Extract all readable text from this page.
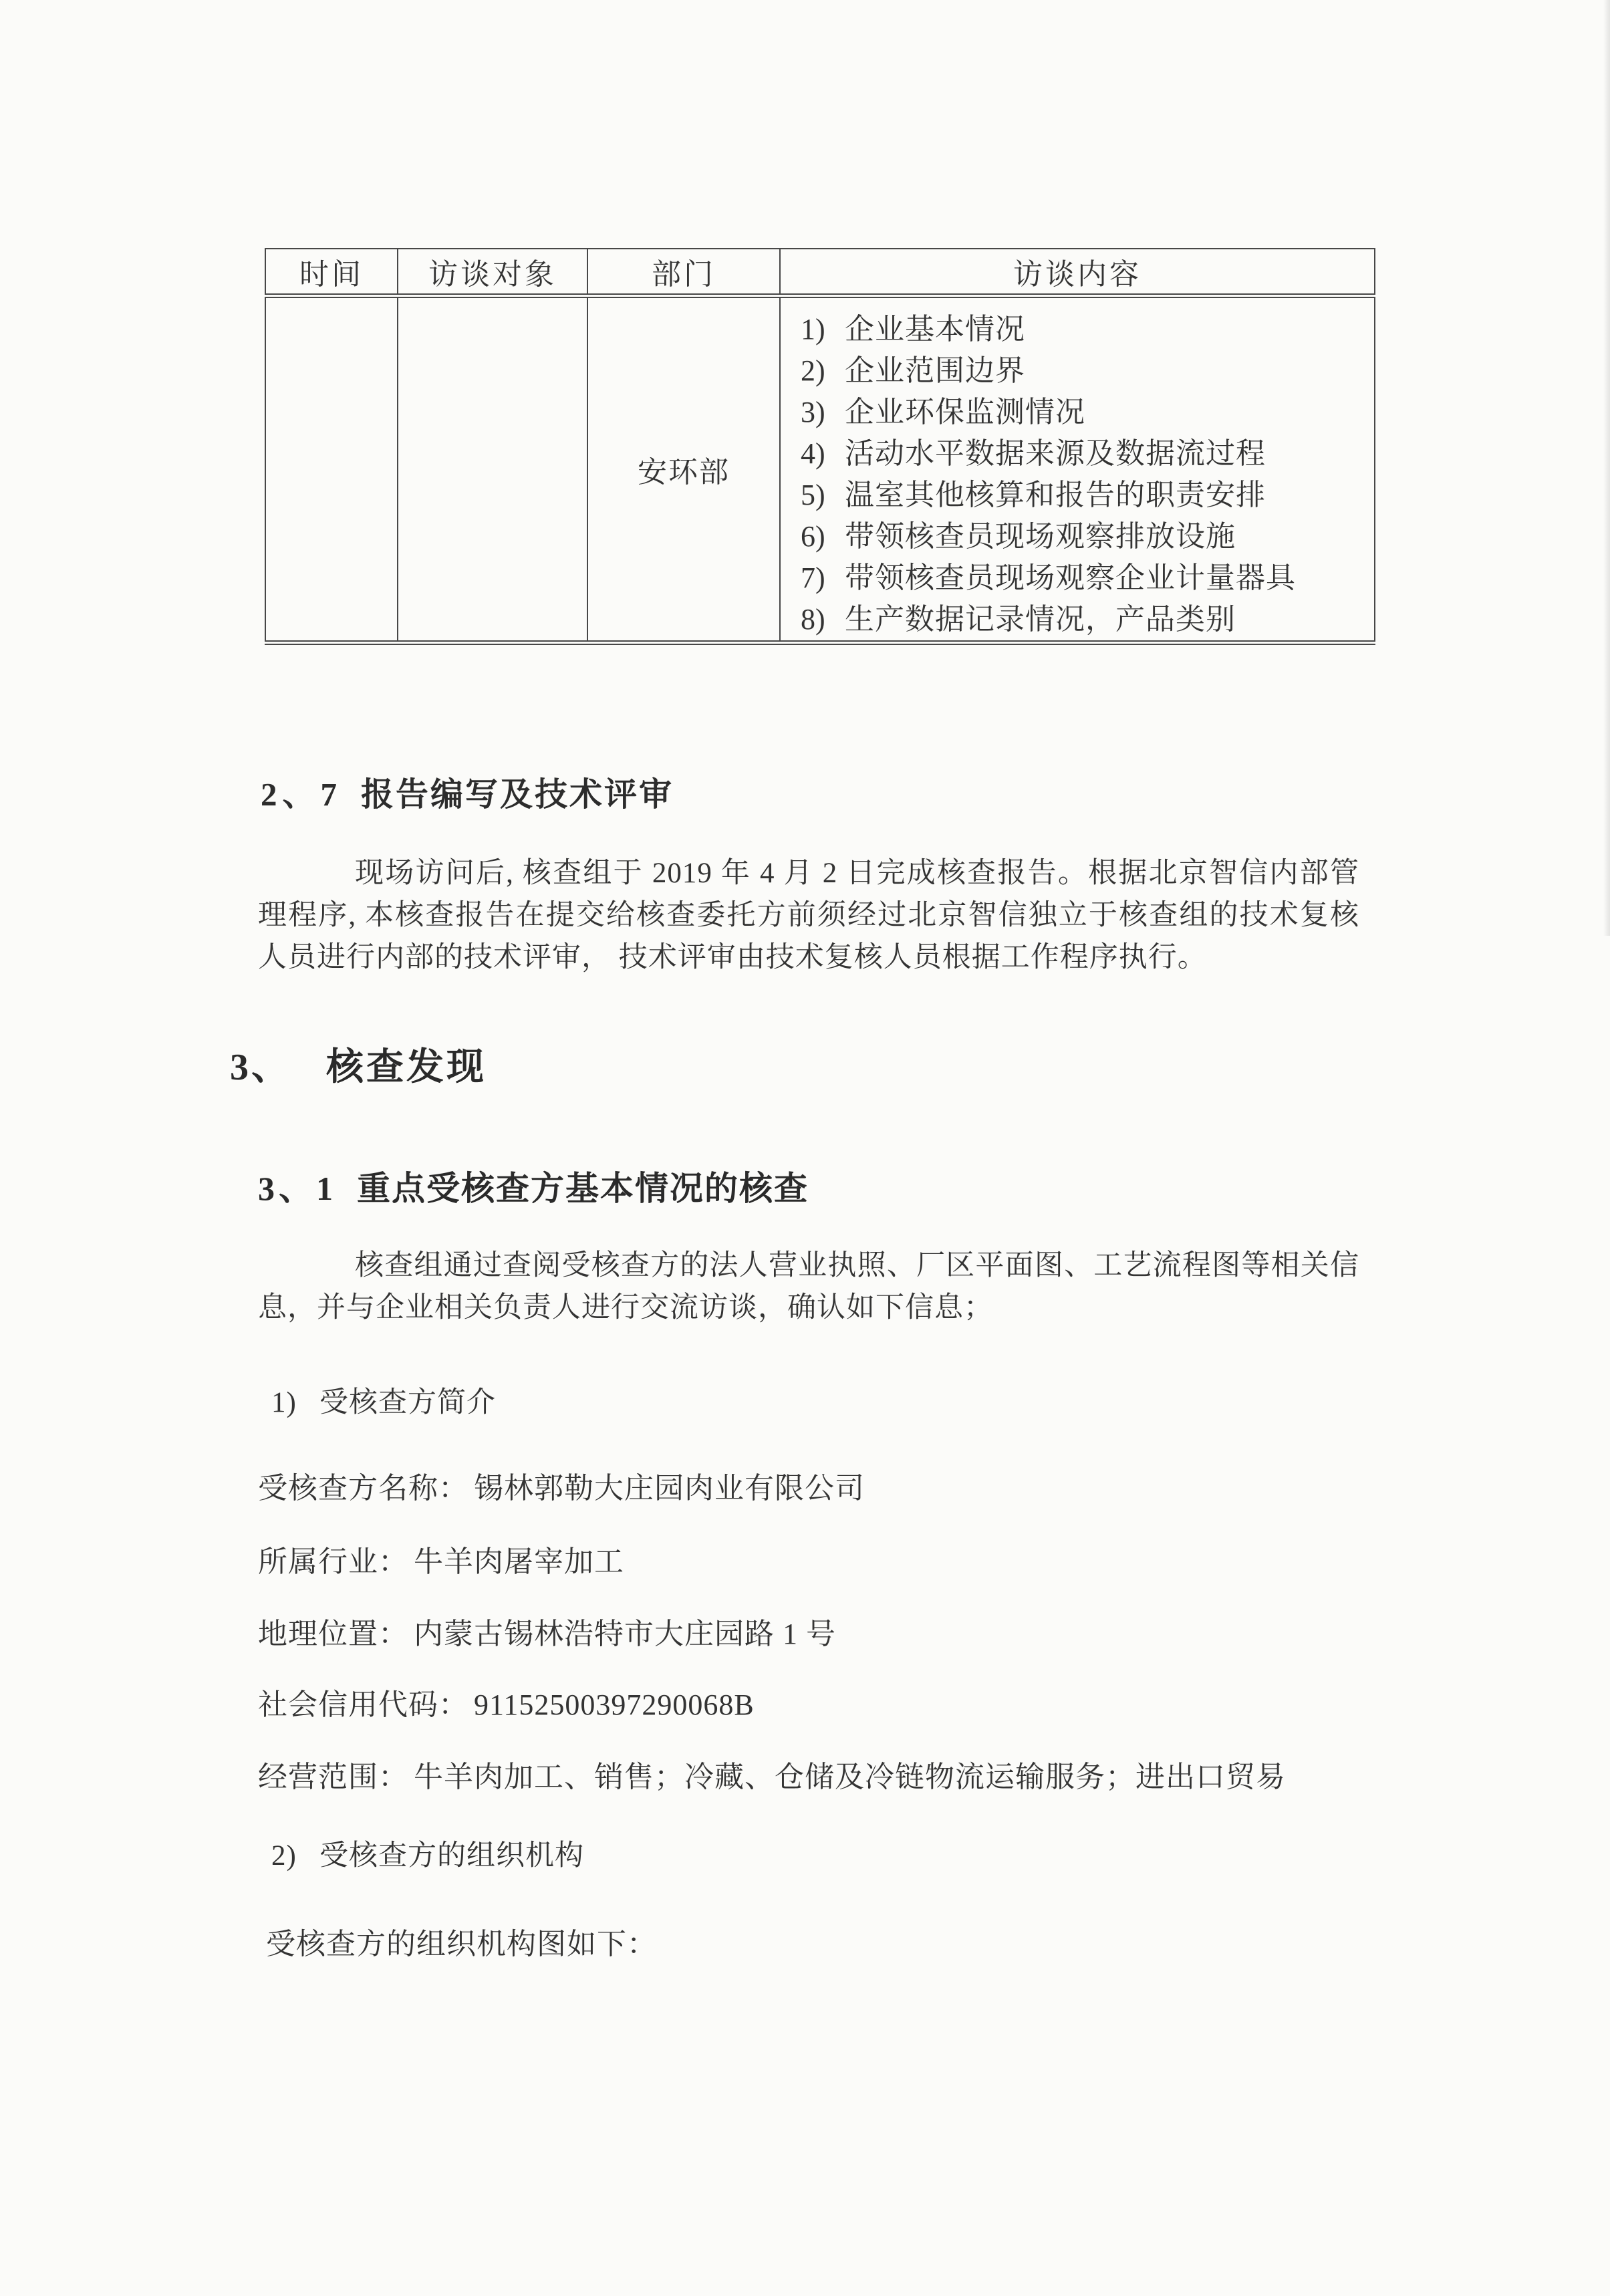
时间	访谈对象	部门	访谈内容
		安环部	
1) 企业基本情况
2) 企业范围边界
3) 企业环保监测情况
4) 活动水平数据来源及数据流过程
5) 温室其他核算和报告的职责安排
6) 带领核查员现场观察排放设施
7) 带领核查员现场观察企业计量器具
8) 生产数据记录情况，产品类别
2、7 报告编写及技术评审

现场访问后, 核查组于 2019 年 4 月 2 日完成核查报告。根据北京智信内部管理程序, 本核查报告在提交给核查委托方前须经过北京智信独立于核查组的技术复核人员进行内部的技术评审， 技术评审由技术复核人员根据工作程序执行。

3、 核查发现
3、1 重点受核查方基本情况的核查

核查组通过查阅受核查方的法人营业执照、厂区平面图、工艺流程图等相关信息，并与企业相关负责人进行交流访谈，确认如下信息；

1) 受核查方简介
受核查方名称： 锡林郭勒大庄园肉业有限公司
所属行业： 牛羊肉屠宰加工
地理位置： 内蒙古锡林浩特市大庄园路 1 号
社会信用代码： 91152500397290068B
经营范围： 牛羊肉加工、销售；冷藏、仓储及冷链物流运输服务；进出口贸易
2) 受核查方的组织机构
受核查方的组织机构图如下：
